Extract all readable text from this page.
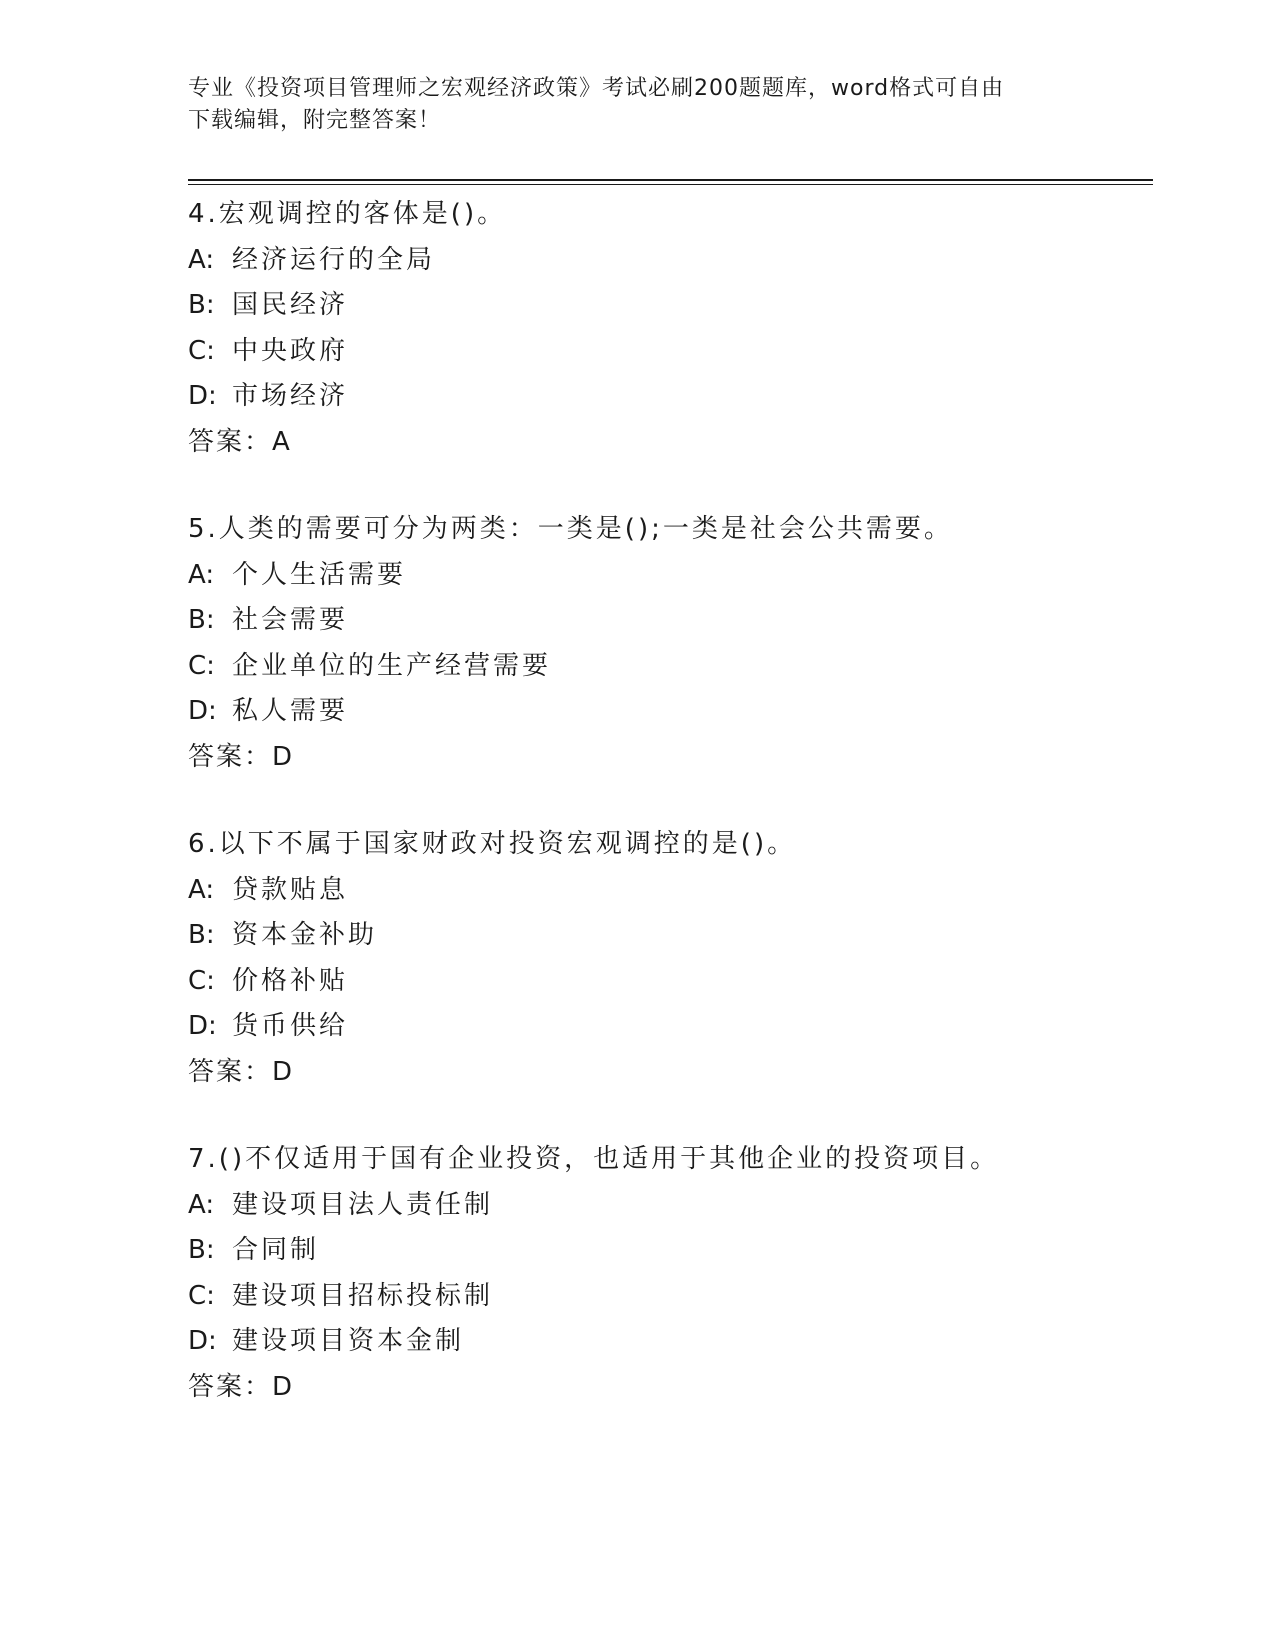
专业《投资项目管理师之宏观经济政策》考试必刷200题题库，word格式可自由
下载编辑，附完整答案！
4.宏观调控的客体是()。
A: 经济运行的全局
B: 国民经济
C: 中央政府
D: 市场经济
答案：A
5.人类的需要可分为两类：一类是();一类是社会公共需要。
A: 个人生活需要
B: 社会需要
C: 企业单位的生产经营需要
D: 私人需要
答案：D
6.以下不属于国家财政对投资宏观调控的是()。
A: 贷款贴息
B: 资本金补助
C: 价格补贴
D: 货币供给
答案：D
7.()不仅适用于国有企业投资，也适用于其他企业的投资项目。
A: 建设项目法人责任制
B: 合同制
C: 建设项目招标投标制
D: 建设项目资本金制
答案：D
